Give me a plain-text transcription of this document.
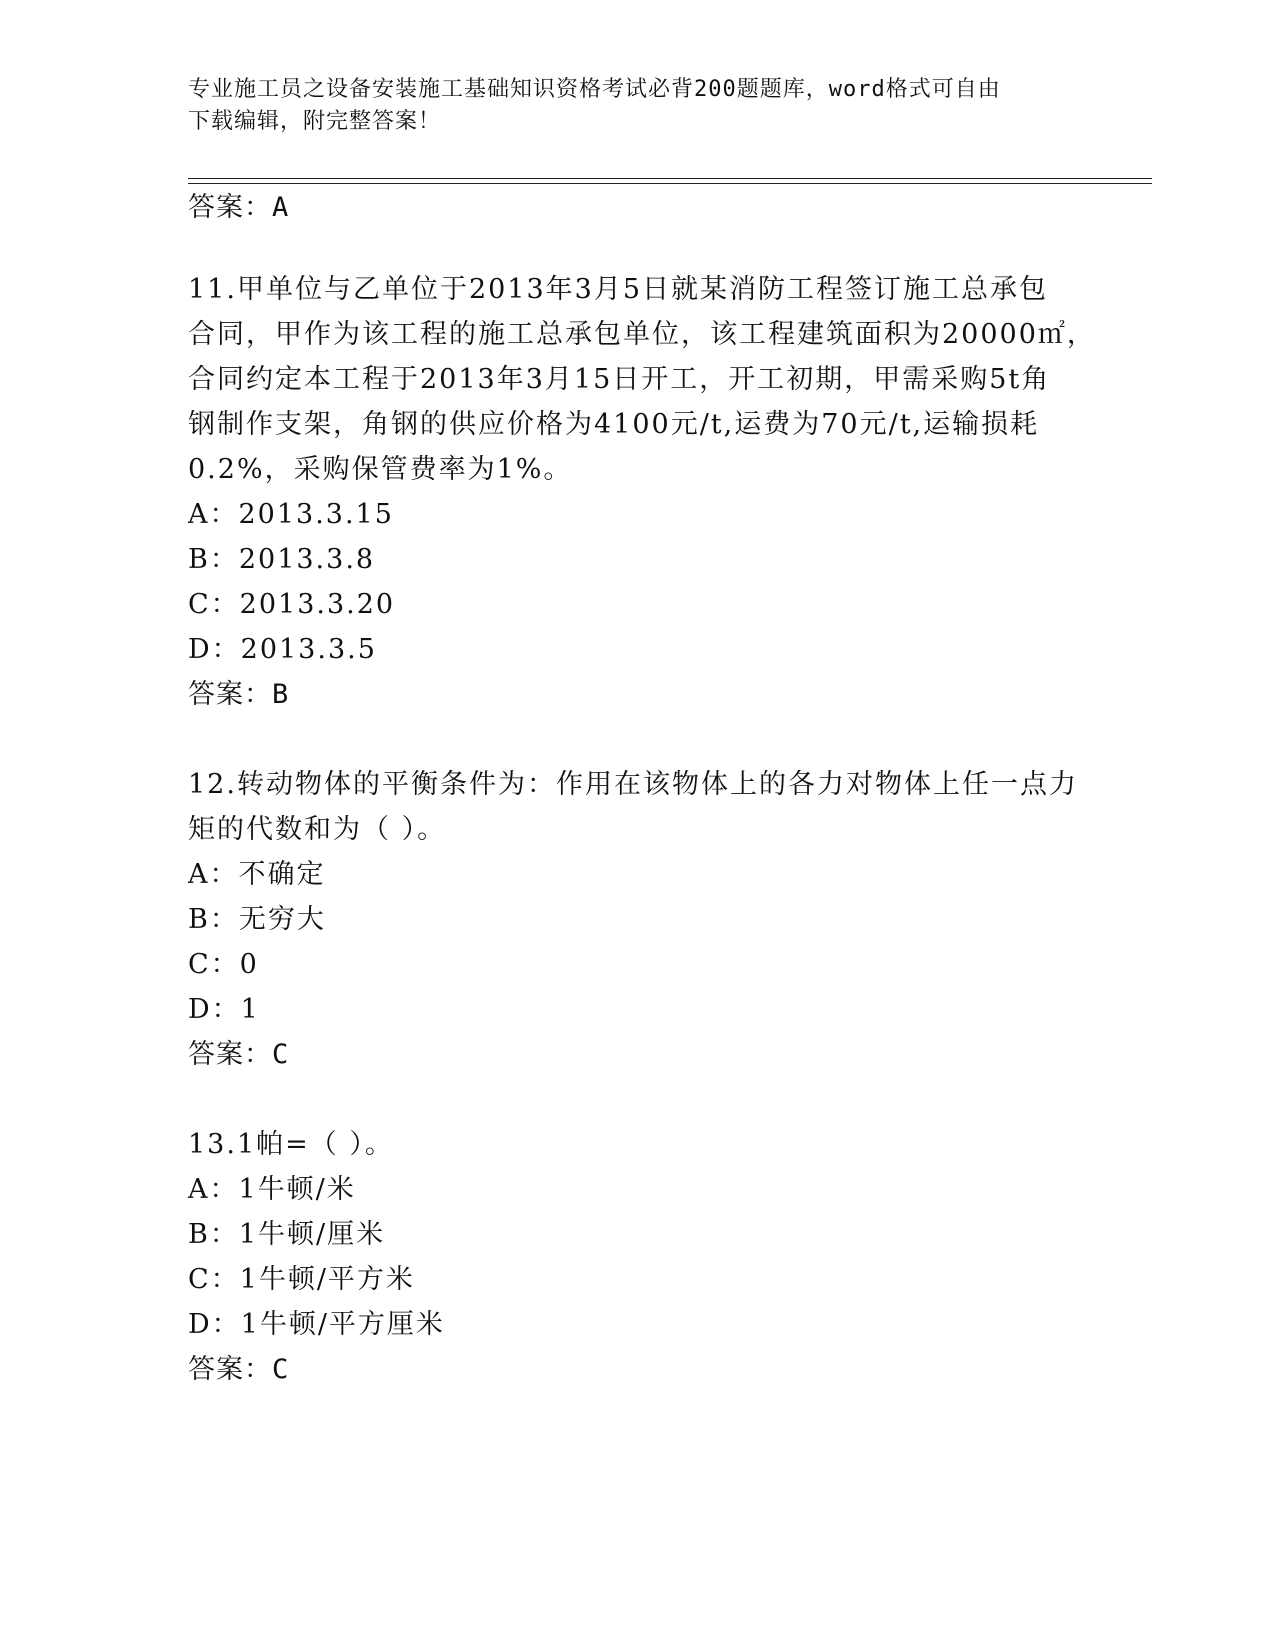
专业施工员之设备安装施工基础知识资格考试必背200题题库，word格式可自由
下载编辑，附完整答案！
答案：A
11.甲单位与乙单位于2013年3月5日就某消防工程签订施工总承包
合同，甲作为该工程的施工总承包单位，该工程建筑面积为20000㎡，
合同约定本工程于2013年3月15日开工，开工初期，甲需采购5t角
钢制作支架，角钢的供应价格为4100元/t,运费为70元/t,运输损耗
0.2%，采购保管费率为1%。
A：2013.3.15
B：2013.3.8
C：2013.3.20
D：2013.3.5
答案：B
12.转动物体的平衡条件为：作用在该物体上的各力对物体上任一点力
矩的代数和为（ ）。
A：不确定
B：无穷大
C：0
D：1
答案：C
13.1帕=（ ）。
A：1牛顿/米
B：1牛顿/厘米
C：1牛顿/平方米
D：1牛顿/平方厘米
答案：C
